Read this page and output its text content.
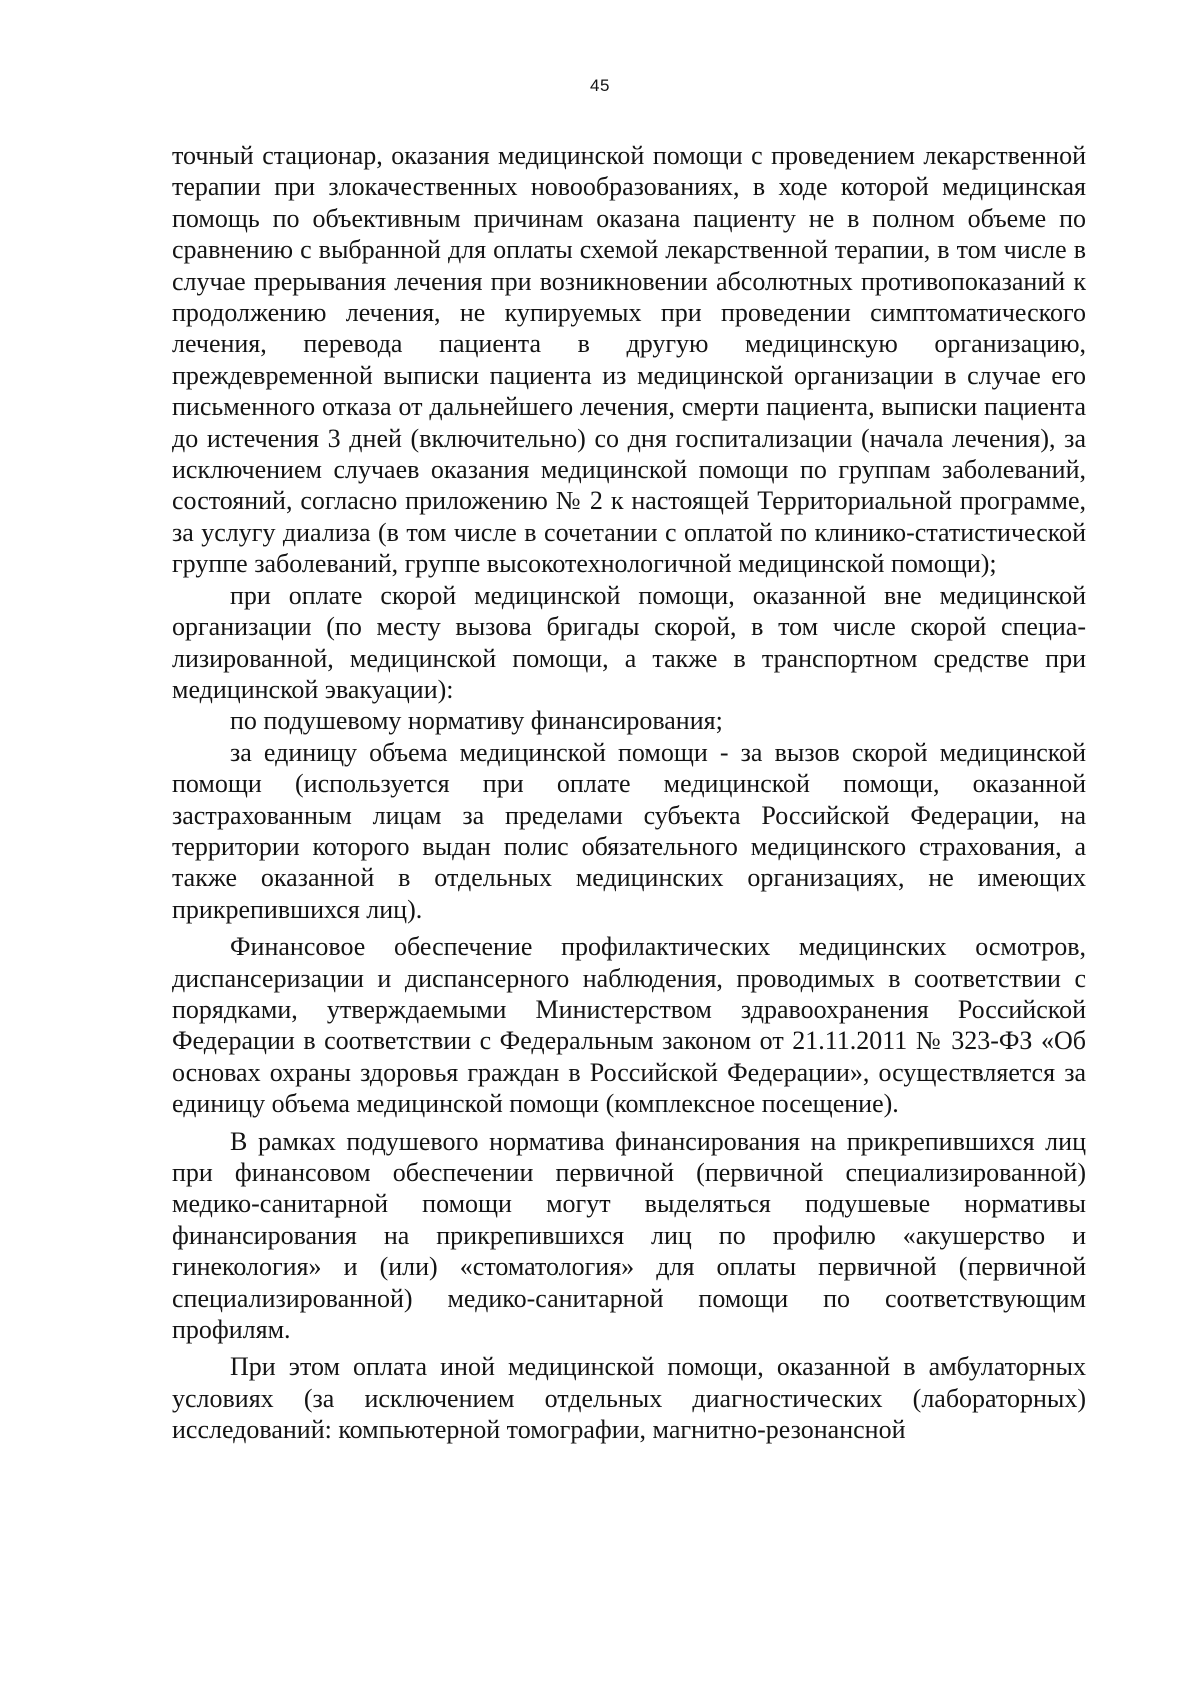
45

точный стационар, оказания медицинской помощи с проведением лекарственной терапии при злокачественных новообразованиях, в ходе которой медицинская помощь по объективным причинам оказана пациенту не в полном объеме по сравнению с выбранной для оплаты схемой лекарственной терапии, в том числе в случае прерывания лечения при возникновении абсолютных противопоказаний к продолжению лечения, не купируемых при проведении симптоматического лечения, перевода пациента в другую медицинскую организацию, преждевременной выписки пациента из медицинской организации в случае его письменного отказа от дальнейшего лечения, смерти пациента, выписки пациента до истечения 3 дней (включительно) со дня госпитализации (начала лечения), за исключением случаев оказания медицинской помощи по группам заболеваний, состояний, согласно приложению № 2 к настоящей Территориальной программе, за услугу диализа (в том числе в сочетании с оплатой по клинико-статистической группе заболеваний, группе высокотехнологичной медицинской помощи);

при оплате скорой медицинской помощи, оказанной вне медицинской организации (по месту вызова бригады скорой, в том числе скорой специализированной, медицинской помощи, а также в транспортном средстве при медицинской эвакуации):

по подушевому нормативу финансирования;

за единицу объема медицинской помощи - за вызов скорой медицинской помощи (используется при оплате медицинской помощи, оказанной застрахованным лицам за пределами субъекта Российской Федерации, на территории которого выдан полис обязательного медицинского страхования, а также оказанной в отдельных медицинских организациях, не имеющих прикрепившихся лиц).

Финансовое обеспечение профилактических медицинских осмотров, диспансеризации и диспансерного наблюдения, проводимых в соответствии с порядками, утверждаемыми Министерством здравоохранения Российской Федерации в соответствии с Федеральным законом от 21.11.2011 № 323-ФЗ «Об основах охраны здоровья граждан в Российской Федерации», осуществляется за единицу объема медицинской помощи (комплексное посещение).

В рамках подушевого норматива финансирования на прикрепившихся лиц при финансовом обеспечении первичной (первичной специализированной) медико-санитарной помощи могут выделяться подушевые нормативы финансирования на прикрепившихся лиц по профилю «акушерство и гинекология» и (или) «стоматология» для оплаты первичной (первичной специализированной) медико-санитарной помощи по соответствующим профилям.

При этом оплата иной медицинской помощи, оказанной в амбулаторных условиях (за исключением отдельных диагностических (лабораторных) исследований: компьютерной томографии, магнитно-резонансной
